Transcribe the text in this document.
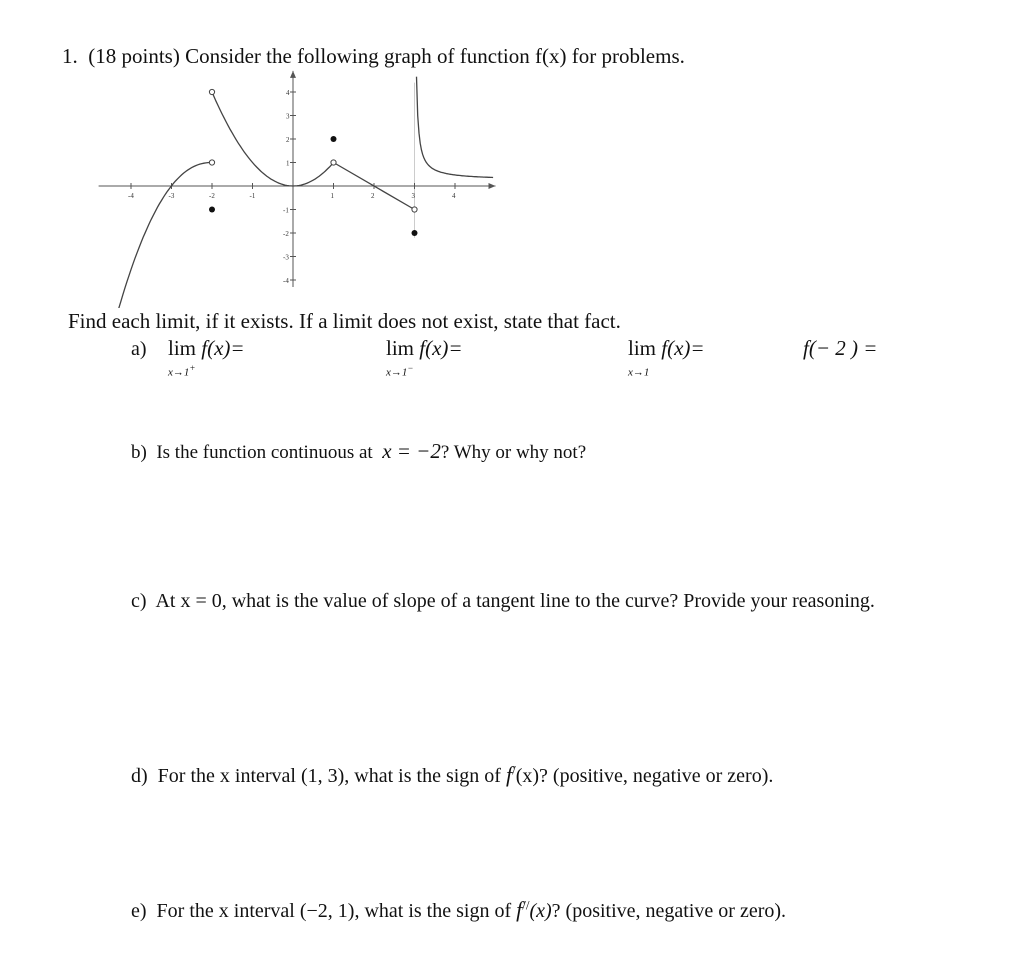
1. (18 points) Consider the following graph of function f(x) for problems.
-4	-3	-2	-1	1	2	3	4
4
3
2
1
-1
-2
-3
-4
Find each limit, if it exists. If a limit does not exist, state that fact.
a) lim f(x)=
x→1+
lim f(x)=
x→1−
lim f(x)=
x→1
f(− 2 ) =
b) Is the function continuous at x = −2? Why or why not?
c) At x = 0, what is the value of slope of a tangent line to the curve? Provide your reasoning.
d) For the x interval (1, 3), what is the sign of f/(x)? (positive, negative or zero).
e) For the x interval (−2, 1), what is the sign of f//(x)? (positive, negative or zero).
